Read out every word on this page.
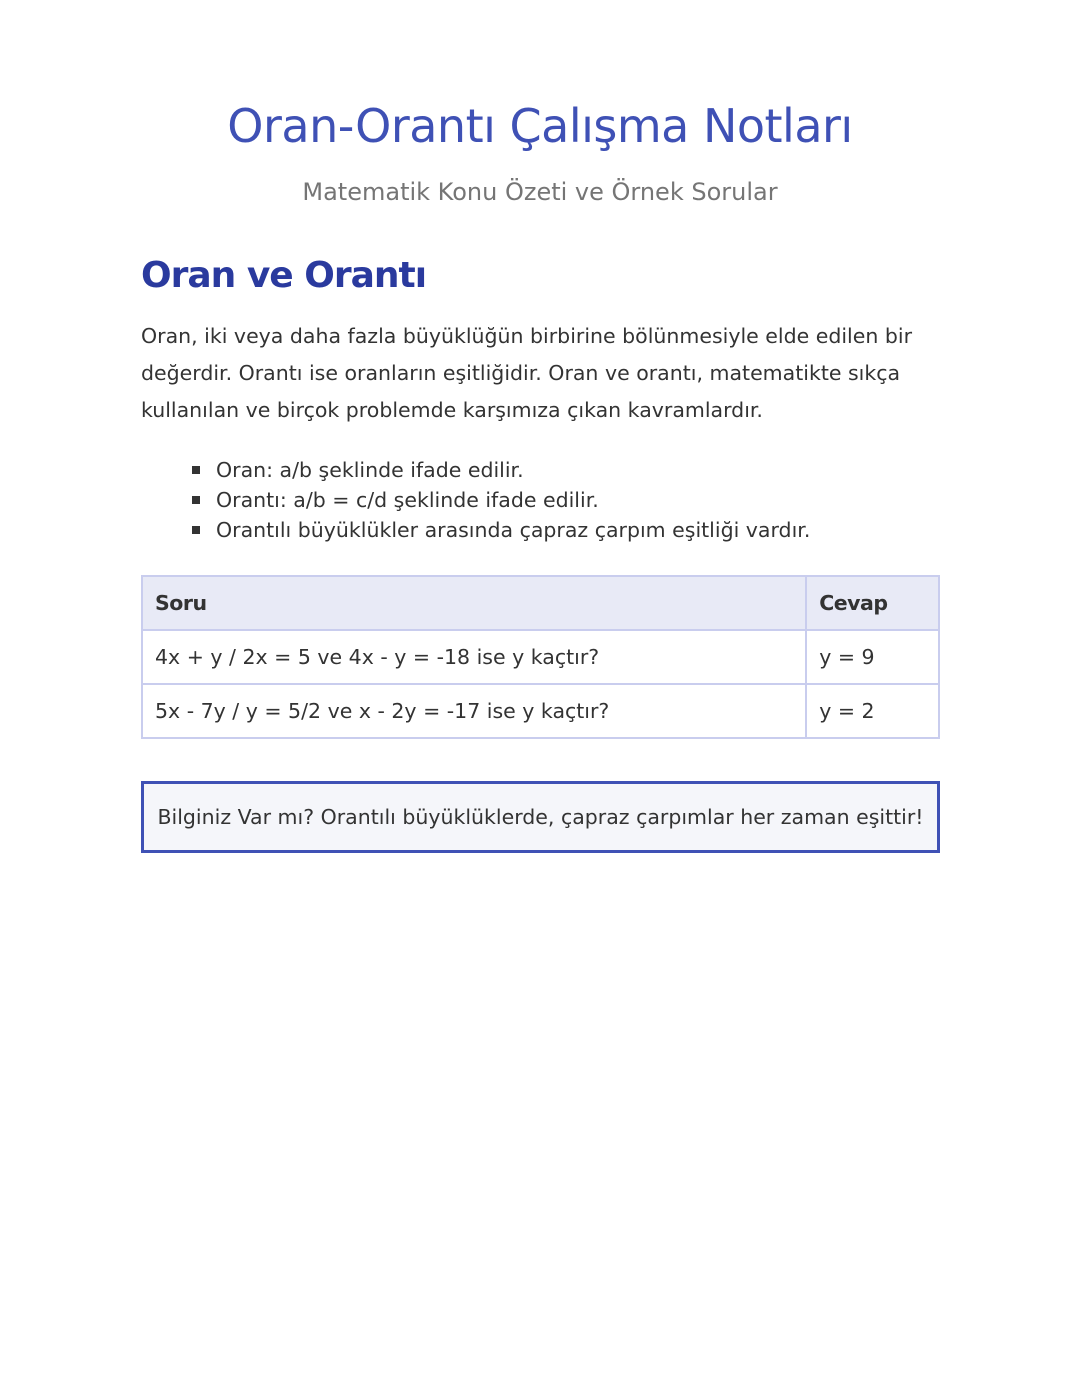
Oran-Orantı Çalışma Notları

Matematik Konu Özeti ve Örnek Sorular

Oran ve Orantı

Oran, iki veya daha fazla büyüklüğün birbirine bölünmesiyle elde edilen bir değerdir. Orantı ise oranların eşitliğidir. Oran ve orantı, matematikte sıkça kullanılan ve birçok problemde karşımıza çıkan kavramlardır.

Oran: a/b şeklinde ifade edilir.
Orantı: a/b = c/d şeklinde ifade edilir.
Orantılı büyüklükler arasında çapraz çarpım eşitliği vardır.
Soru	Cevap
4x + y / 2x = 5 ve 4x - y = -18 ise y kaçtır?	y = 9
5x - 7y / y = 5/2 ve x - 2y = -17 ise y kaçtır?	y = 2
Bilginiz Var mı? Orantılı büyüklüklerde, çapraz çarpımlar her zaman eşittir!
